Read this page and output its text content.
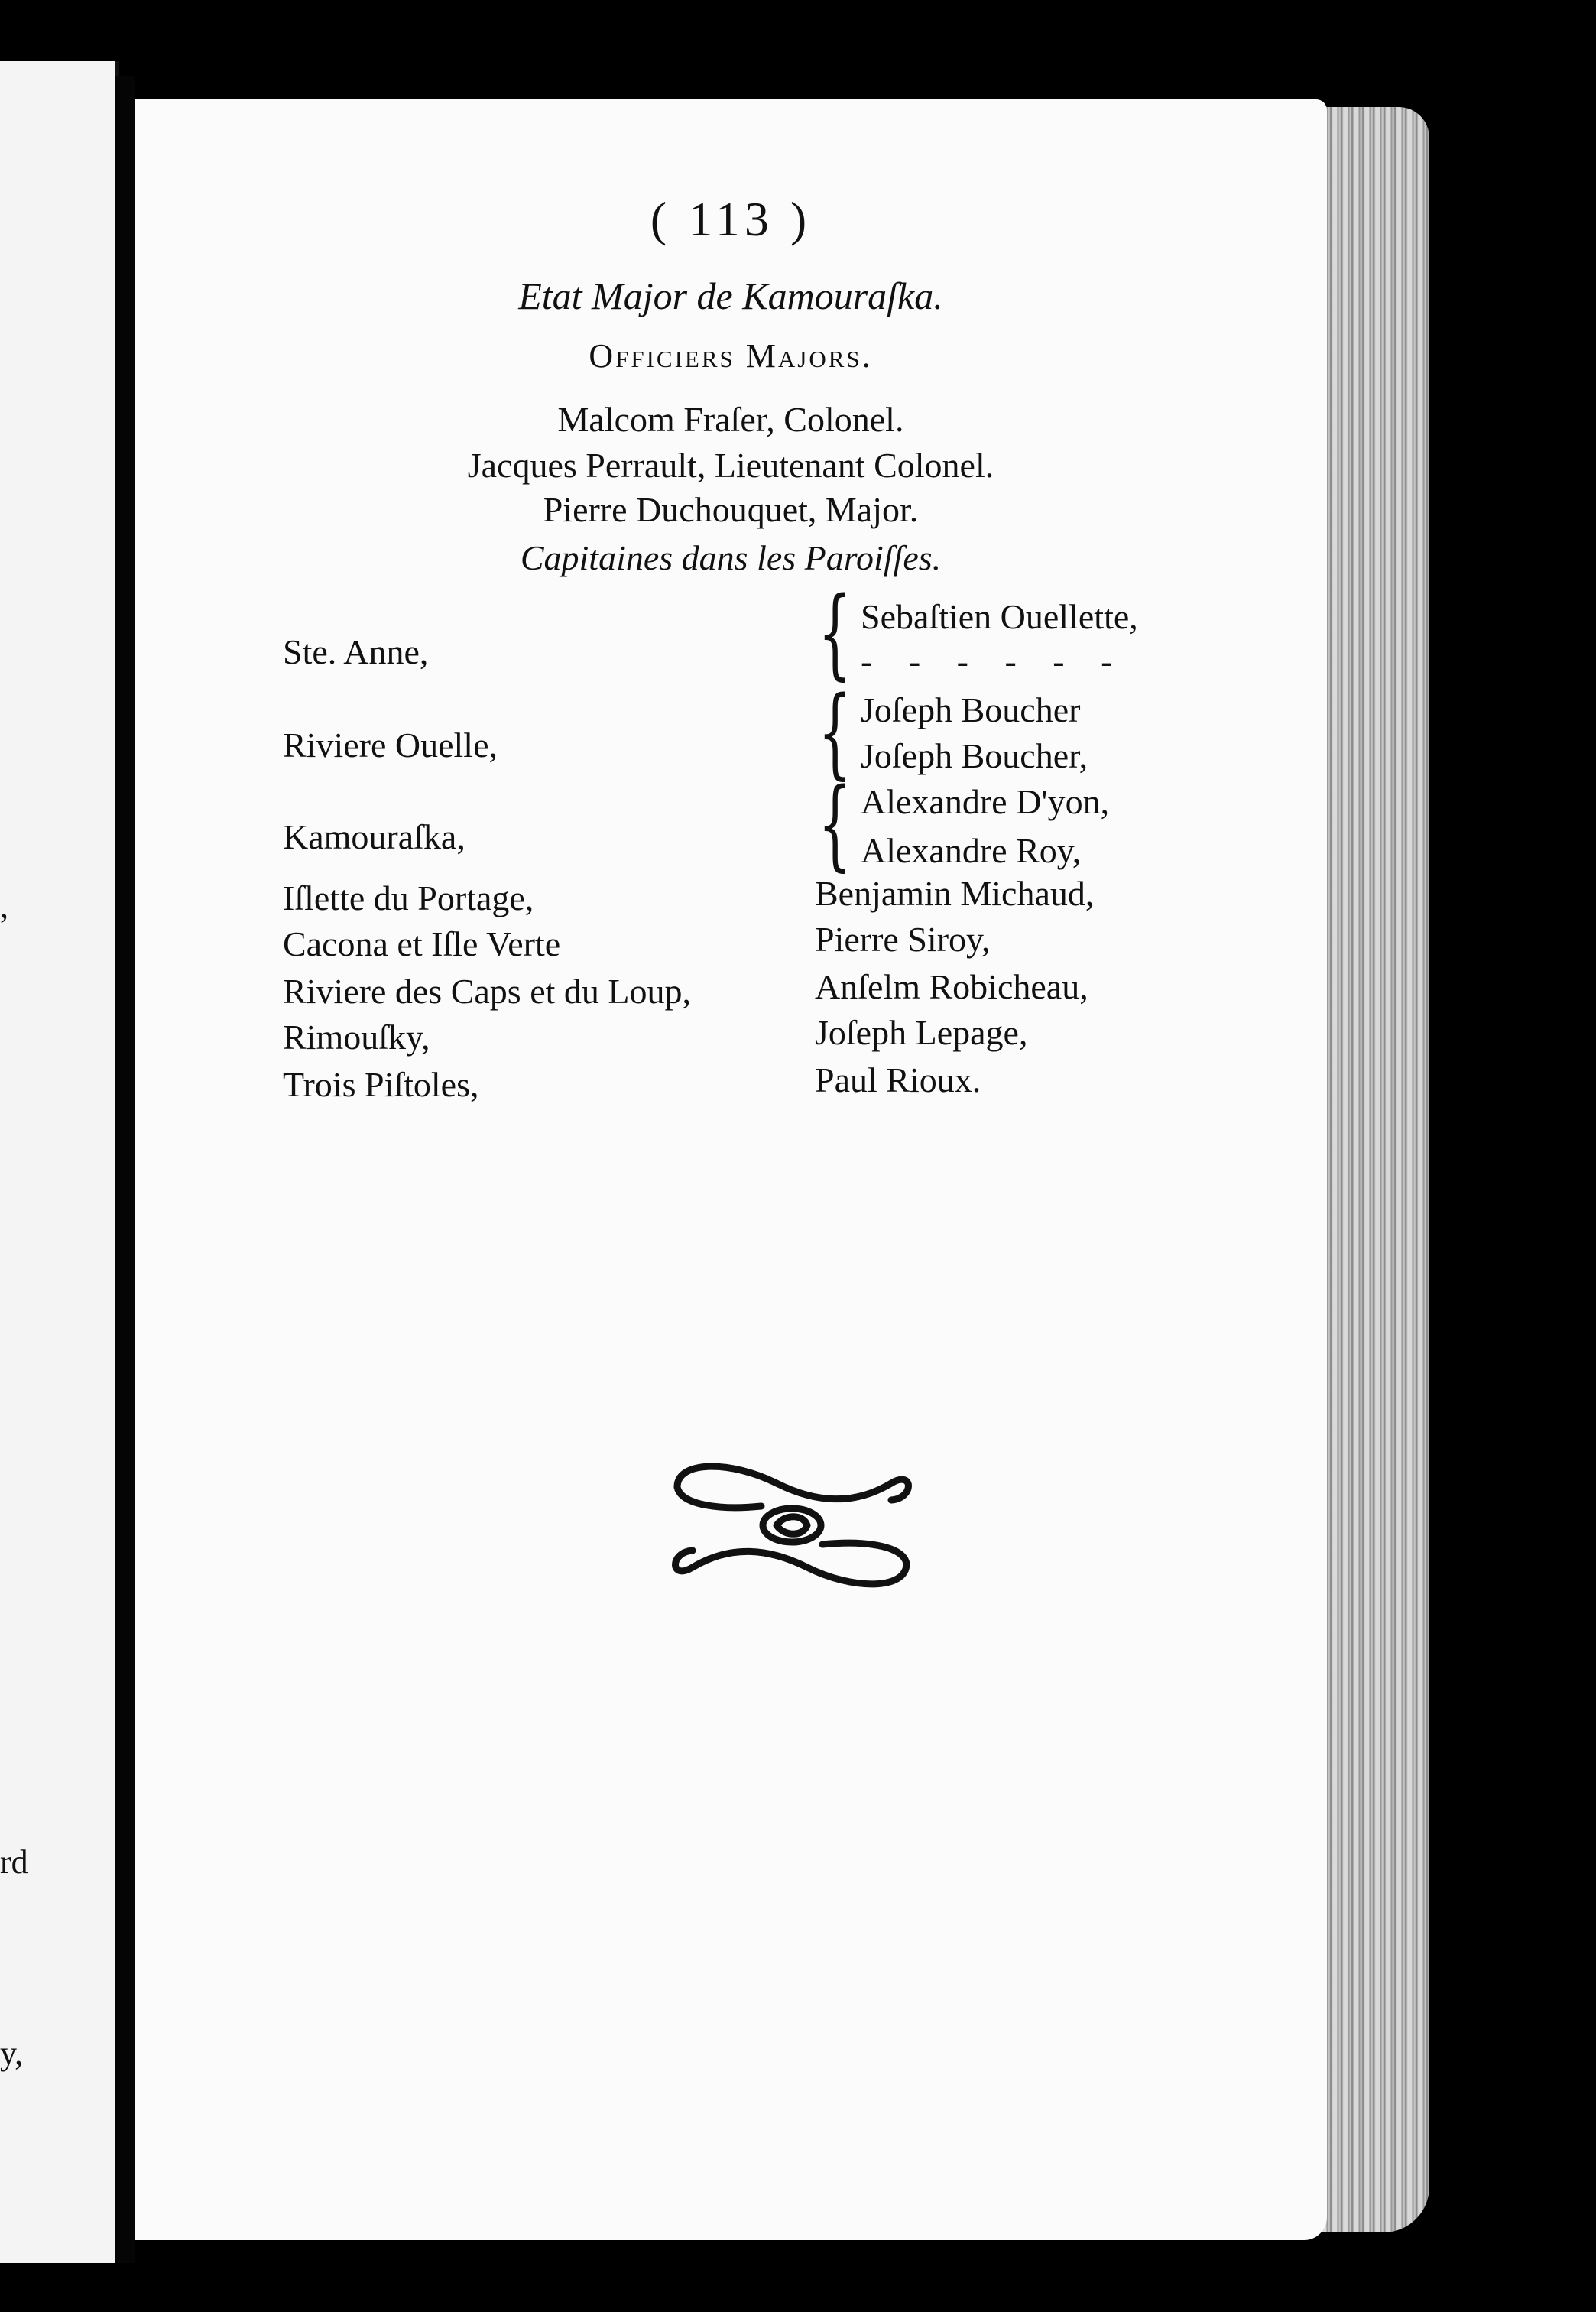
,
rd
y,
( 113 )
Etat Major de Kamouraſka.
Officiers Majors.
Malcom Fraſer, Colonel.
Jacques Perrault, Lieutenant Colonel.
Pierre Duchouquet, Major.
Capitaines dans les Paroiſſes.
Ste. Anne,	{ Sebaſtien Ouellette,
- - - - - -
Riviere Ouelle,	{ Joſeph Boucher
Joſeph Boucher,
Kamouraſka,	{ Alexandre D'yon,
Alexandre Roy,
Iſlette du Portage,	Benjamin Michaud,
Cacona et Iſle Verte	Pierre Siroy,
Riviere des Caps et du Loup,	Anſelm Robicheau,
Rimouſky,	Joſeph Lepage,
Trois Piſtoles,	Paul Rioux.
